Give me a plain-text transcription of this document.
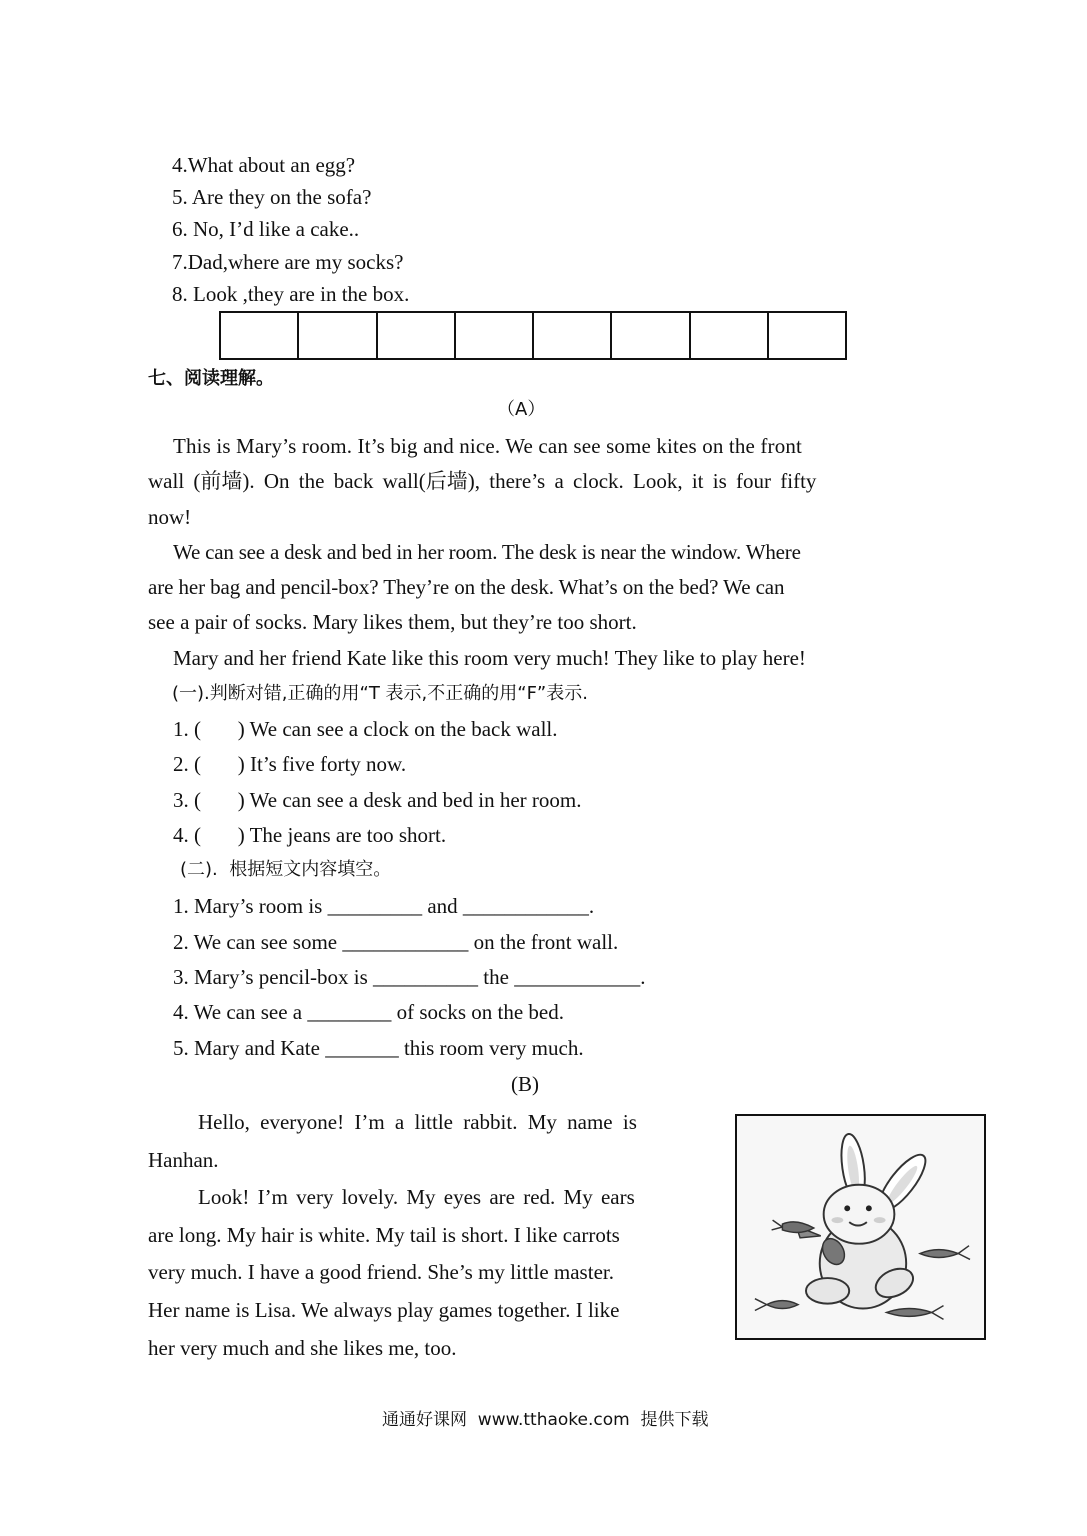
4.What about an egg?
5. Are they on the sofa?
6. No, I’d like a cake..
7.Dad,where are my socks?
8. Look ,they are in the box.
七、阅读理解。
（A）
This is Mary’s room. It’s big and nice. We can see some kites on the front
wall (前墙). On the back wall(后墙), there’s a clock. Look, it is four fifty
now!
We can see a desk and bed in her room. The desk is near the window. Where
are her bag and pencil-box? They’re on the desk. What’s on the bed? We can
see a pair of socks. Mary likes them, but they’re too short.
Mary and her friend Kate like this room very much! They like to play here!
(一).判断对错,正确的用“T 表示,不正确的用“F”表示.
1. (       ) We can see a clock on the back wall.
2. (       ) It’s five forty now.
3. (       ) We can see a desk and bed in her room.
4. (       ) The jeans are too short.
(二).  根据短文内容填空。
1. Mary’s room is _________ and ____________.
2. We can see some ____________ on the front wall.
3. Mary’s pencil-box is __________ the ____________.
4. We can see a ________ of socks on the bed.
5. Mary and Kate _______ this room very much.
(B)
Hello, everyone! I’m a little rabbit. My name is
Hanhan.
Look! I’m very lovely. My eyes are red. My ears
are long. My hair is white. My tail is short. I like carrots
very much. I have a good friend. She’s my little master.
Her name is Lisa. We always play games together. I like
her very much and she likes me, too.
通通好课网  www.tthaoke.com  提供下载
